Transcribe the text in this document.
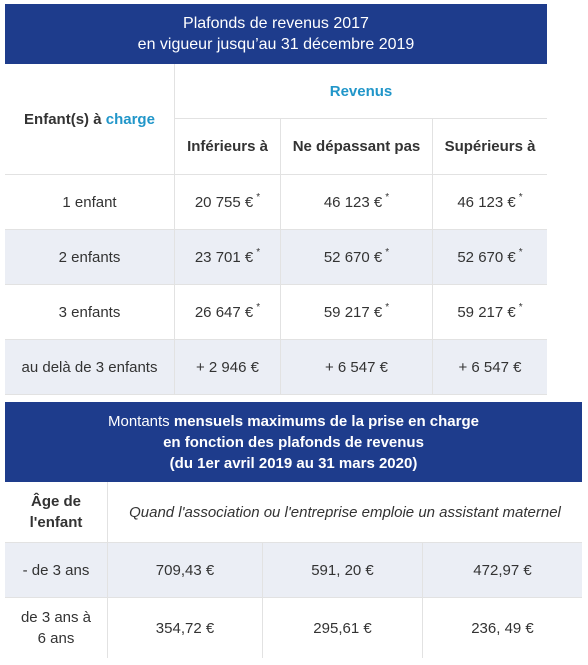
Plafonds de revenus 2017
en vigueur jusqu’au 31 décembre 2019
Enfant(s) à
charge
Revenus
Inférieurs à	Ne dépassant pas	Supérieurs à
1 enfant	20 755 € *	46 123 € *	46 123 € *
2 enfants	23 701 € *	52 670 € *	52 670 € *
3 enfants	26 647 € *	59 217 € *	59 217 € *
au delà de 3 enfants	+ 2 946 €	+ 6 547 €	+ 6 547 €
Montants mensuels maximums de la prise en charge
en fonction des plafonds de revenus
(du 1er avril 2019 au 31 mars 2020)
Âge de
l'enfant
Quand l'association ou l'entreprise emploie un assistant maternel
- de 3 ans	709,43 €	591, 20 €	472,97 €
de 3 ans à
6 ans
354,72 €	295,61 €	236, 49 €
